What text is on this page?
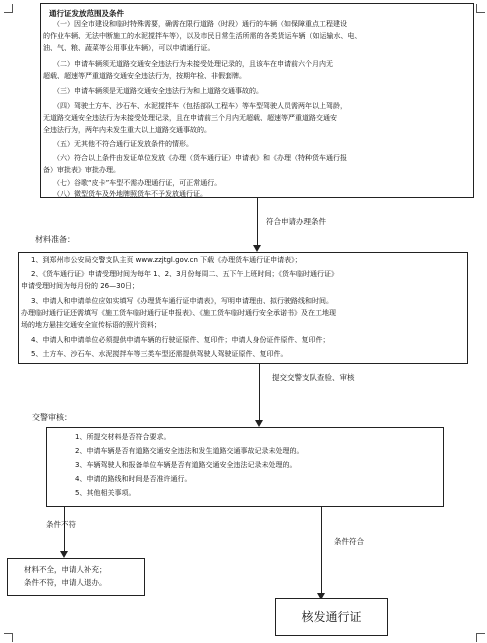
通行证发放范围及条件
（一）因全市建设和临时特殊需要，确需在限行道路（时段）通行的车辆（如保障重点工程建设
的作业车辆、无法中断施工的水泥搅拌车等），以及市民日常生活所需的各类货运车辆（如运输水、电、
油、气、粮、蔬菜等公用事业车辆），可以申请通行证。
（二）申请车辆须无道路交通安全违法行为未接受处理记录的，且该车在申请前六个月内无
超载、超速等严重道路交通安全违法行为，按期年检、非假套牌。
（三）申请车辆须是无道路交通安全违法行为和上道路交通事故的。
（四）驾驶土方车、沙石车、水泥搅拌车（包括部队工程车）等车型驾驶人员需两年以上驾龄，
无道路交通安全违法行为未接受处理记录，且在申请前三个月内无超载、超速等严重道路交通安
全违法行为，两年内未发生重大以上道路交通事故的。
（五）无其他不符合通行证发放条件的情形。
（六）符合以上条件由发证单位发放《办理（货车通行证）申请表》和《办理（特种货车通行报
备）审批表》审批办理。
（七）谷歌“皮卡”车型不需办理通行证，可正常通行。
（八）微型货车及外地牌照货车不予发放通行证。
符合申请办理条件
材料准备：
1、到郑州市公安局交警支队主页 www.zzjtgl.gov.cn 下载《办理货车通行证申请表》；
2、《货车通行证》申请受理时间为每年 1、2、3月份每周二、五下午上班时间；《货车临时通行证》
申请受理时间为每月份的 26—30日；
3、申请人和申请单位应如实填写《办理货车通行证申请表》，写明申请理由、拟行驶路线和时间。
办理临时通行证还需填写《施工货车临时通行证申报表》、《施工货车临时通行安全承诺书》及在工地现
场的地方悬挂交通安全宣传标语的照片资料；
4、申请人和申请单位必须提供申请车辆的行驶证原件、复印件；申请人身份证件原件、复印件；
5、土方车、沙石车、水泥搅拌车等三类车型还需提供驾驶人驾驶证原件、复印件。
提交交警支队查验、审核
交警审核：
1、所提交材料是否符合要求。
2、申请车辆是否有道路交通安全违法和发生道路交通事故记录未处理的。
3、车辆驾驶人和报备单位车辆是否有道路交通安全违法记录未处理的。
4、申请的路线和时间是否准许通行。
5、其他相关事项。
条件不符
材料不全，申请人补充；
条件不符，申请人退办。
条件符合
核发通行证
